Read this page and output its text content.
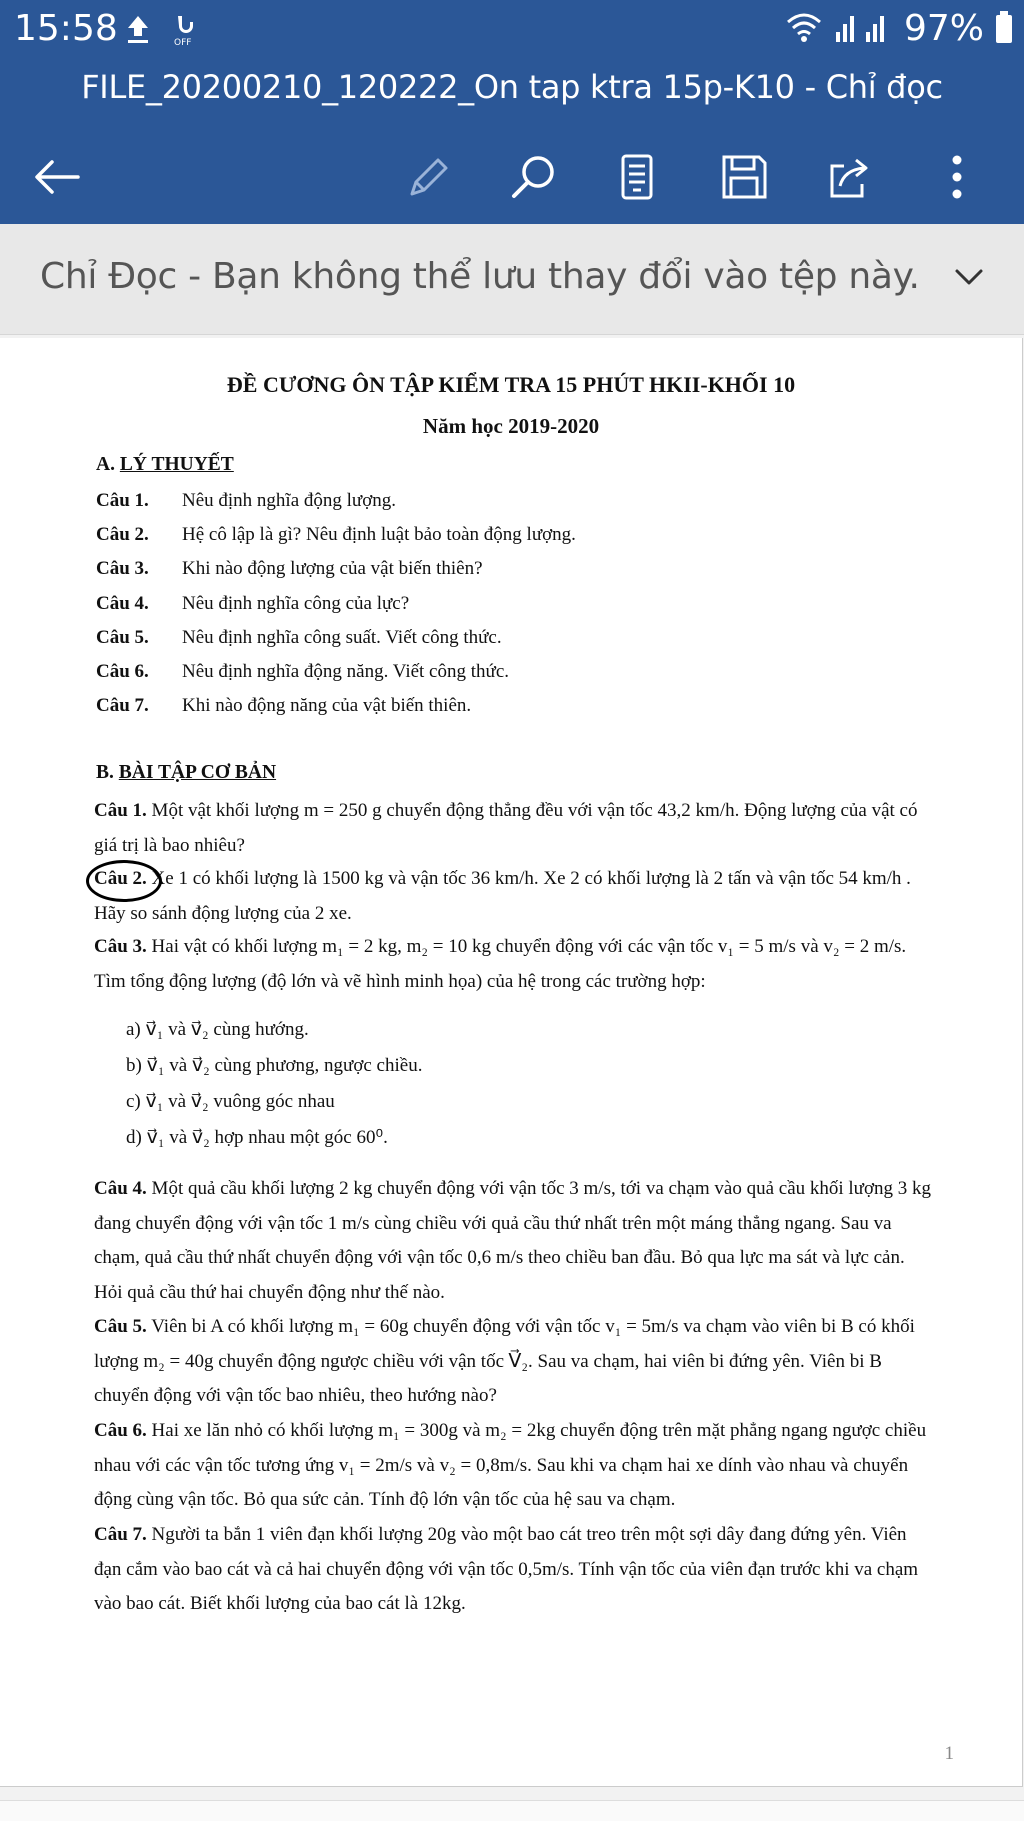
15:58	OFF	97%
FILE_20200210_120222_On tap ktra 15p-K10 - Chỉ đọc
Chỉ Đọc - Bạn không thể lưu thay đổi vào tệp này.
ĐỀ CƯƠNG ÔN TẬP KIỂM TRA 15 PHÚT HKII-KHỐI 10
Năm học 2019-2020
A. LÝ THUYẾT
Câu 1. Nêu định nghĩa động lượng.
Câu 2. Hệ cô lập là gì? Nêu định luật bảo toàn động lượng.
Câu 3. Khi nào động lượng của vật biến thiên?
Câu 4. Nêu định nghĩa công của lực?
Câu 5. Nêu định nghĩa công suất. Viết công thức.
Câu 6. Nêu định nghĩa động năng. Viết công thức.
Câu 7. Khi nào động năng của vật biến thiên.
B. BÀI TẬP CƠ BẢN
Câu 1. Một vật khối lượng m = 250 g chuyển động thẳng đều với vận tốc 43,2 km/h. Động lượng của vật có giá trị là bao nhiêu?
Câu 2. Xe 1 có khối lượng là 1500 kg và vận tốc 36 km/h. Xe 2 có khối lượng là 2 tấn và vận tốc 54 km/h . Hãy so sánh động lượng của 2 xe.
Câu 3. Hai vật có khối lượng m₁ = 2 kg, m₂ = 10 kg chuyển động với các vận tốc v₁ = 5 m/s và v₂ = 2 m/s. Tìm tổng động lượng (độ lớn và vẽ hình minh họa) của hệ trong các trường hợp:
a) v⃗₁ và v⃗₂ cùng hướng.
b) v⃗₁ và v⃗₂ cùng phương, ngược chiều.
c) v⃗₁ và v⃗₂ vuông góc nhau
d) v⃗₁ và v⃗₂ hợp nhau một góc 60⁰.
Câu 4. Một quả cầu khối lượng 2 kg chuyển động với vận tốc 3 m/s, tới va chạm vào quả cầu khối lượng 3 kg đang chuyển động với vận tốc 1 m/s cùng chiều với quả cầu thứ nhất trên một máng thẳng ngang. Sau va chạm, quả cầu thứ nhất chuyển động với vận tốc 0,6 m/s theo chiều ban đầu. Bỏ qua lực ma sát và lực cản. Hỏi quả cầu thứ hai chuyển động như thế nào.
Câu 5. Viên bi A có khối lượng m₁ = 60g chuyển động với vận tốc v₁ = 5m/s va chạm vào viên bi B có khối lượng m₂ = 40g chuyển động ngược chiều với vận tốc V⃗₂. Sau va chạm, hai viên bi đứng yên. Viên bi B chuyển động với vận tốc bao nhiêu, theo hướng nào?
Câu 6. Hai xe lăn nhỏ có khối lượng m₁ = 300g và m₂ = 2kg chuyển động trên mặt phẳng ngang ngược chiều nhau với các vận tốc tương ứng v₁ = 2m/s và v₂ = 0,8m/s. Sau khi va chạm hai xe dính vào nhau và chuyển động cùng vận tốc. Bỏ qua sức cản. Tính độ lớn vận tốc của hệ sau va chạm.
Câu 7. Người ta bắn 1 viên đạn khối lượng 20g vào một bao cát treo trên một sợi dây đang đứng yên. Viên đạn cắm vào bao cát và cả hai chuyển động với vận tốc 0,5m/s. Tính vận tốc của viên đạn trước khi va chạm vào bao cát. Biết khối lượng của bao cát là 12kg.
1
